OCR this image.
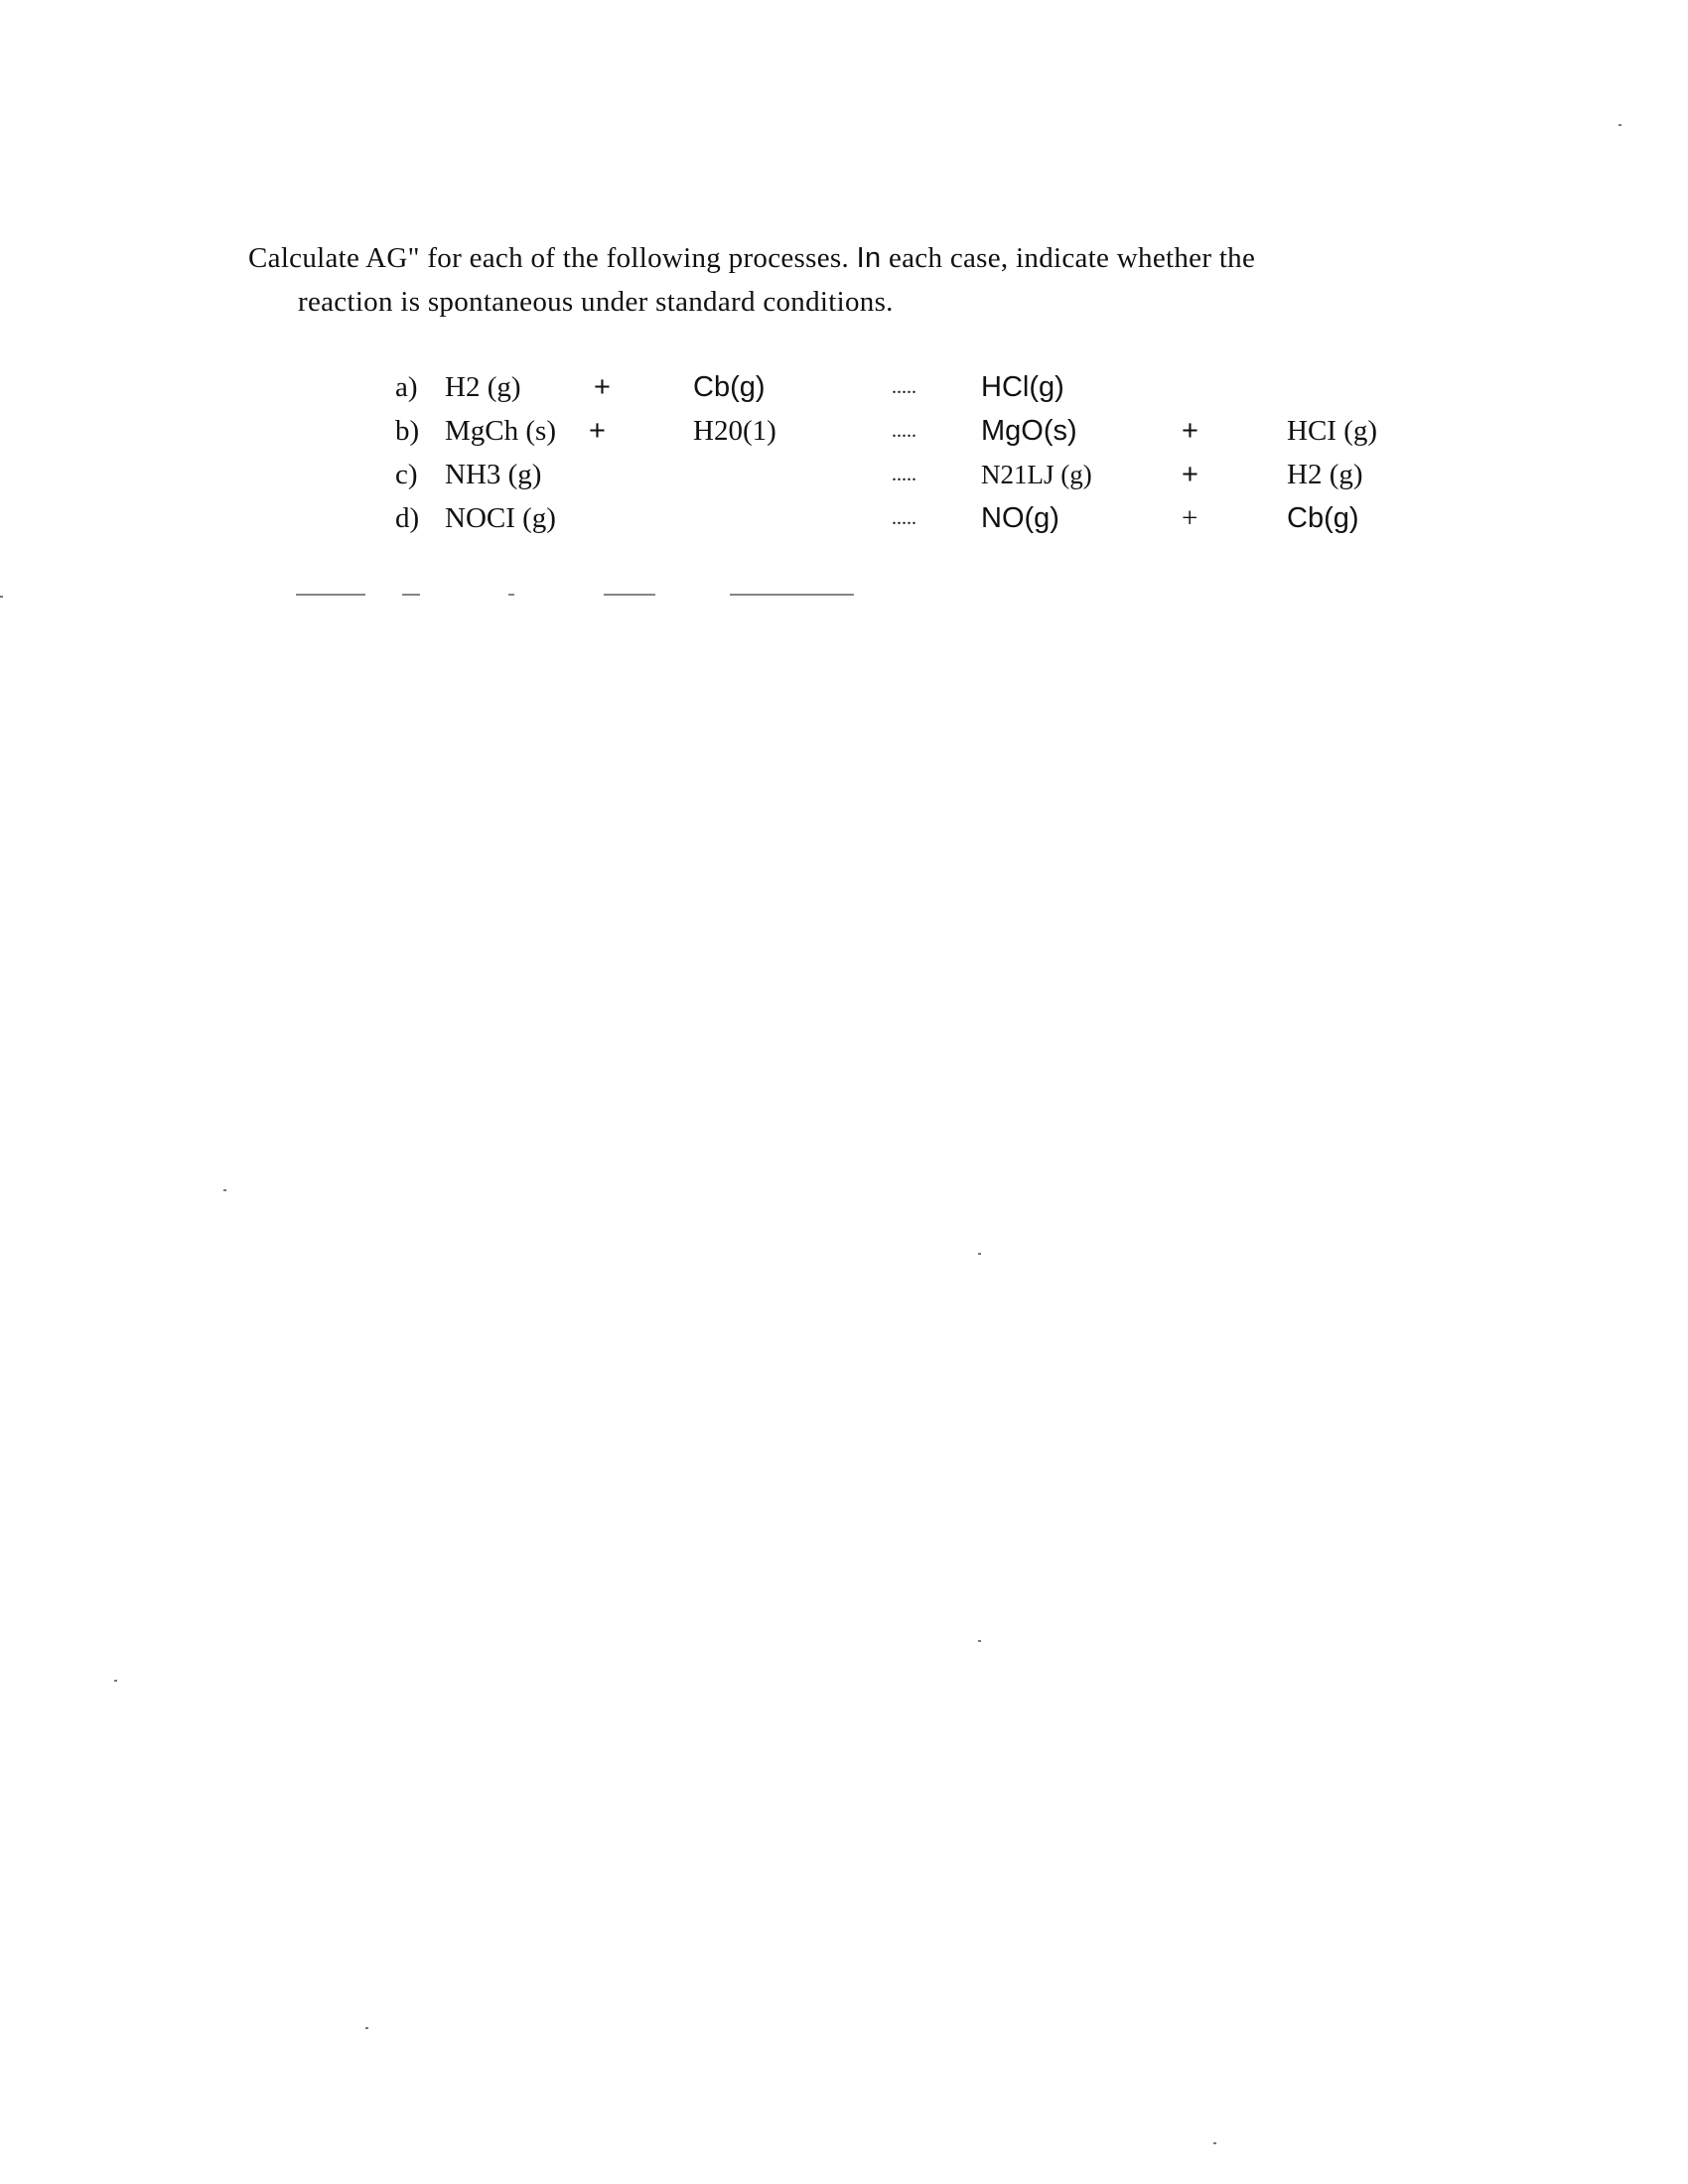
Calculate AG" for each of the following processes. In each case, indicate whether the
reaction is spontaneous under standard conditions.
a) H2 (g)	+	Cb(g)	..... HCl(g)
b) MgCh (s) +	H20(1)	..... MgO(s)	+	HCI (g)
c) NH3 (g)	..... N21LJ (g)	+	H2 (g)
d) NOCI (g)	..... NO(g)	+	Cb(g)
